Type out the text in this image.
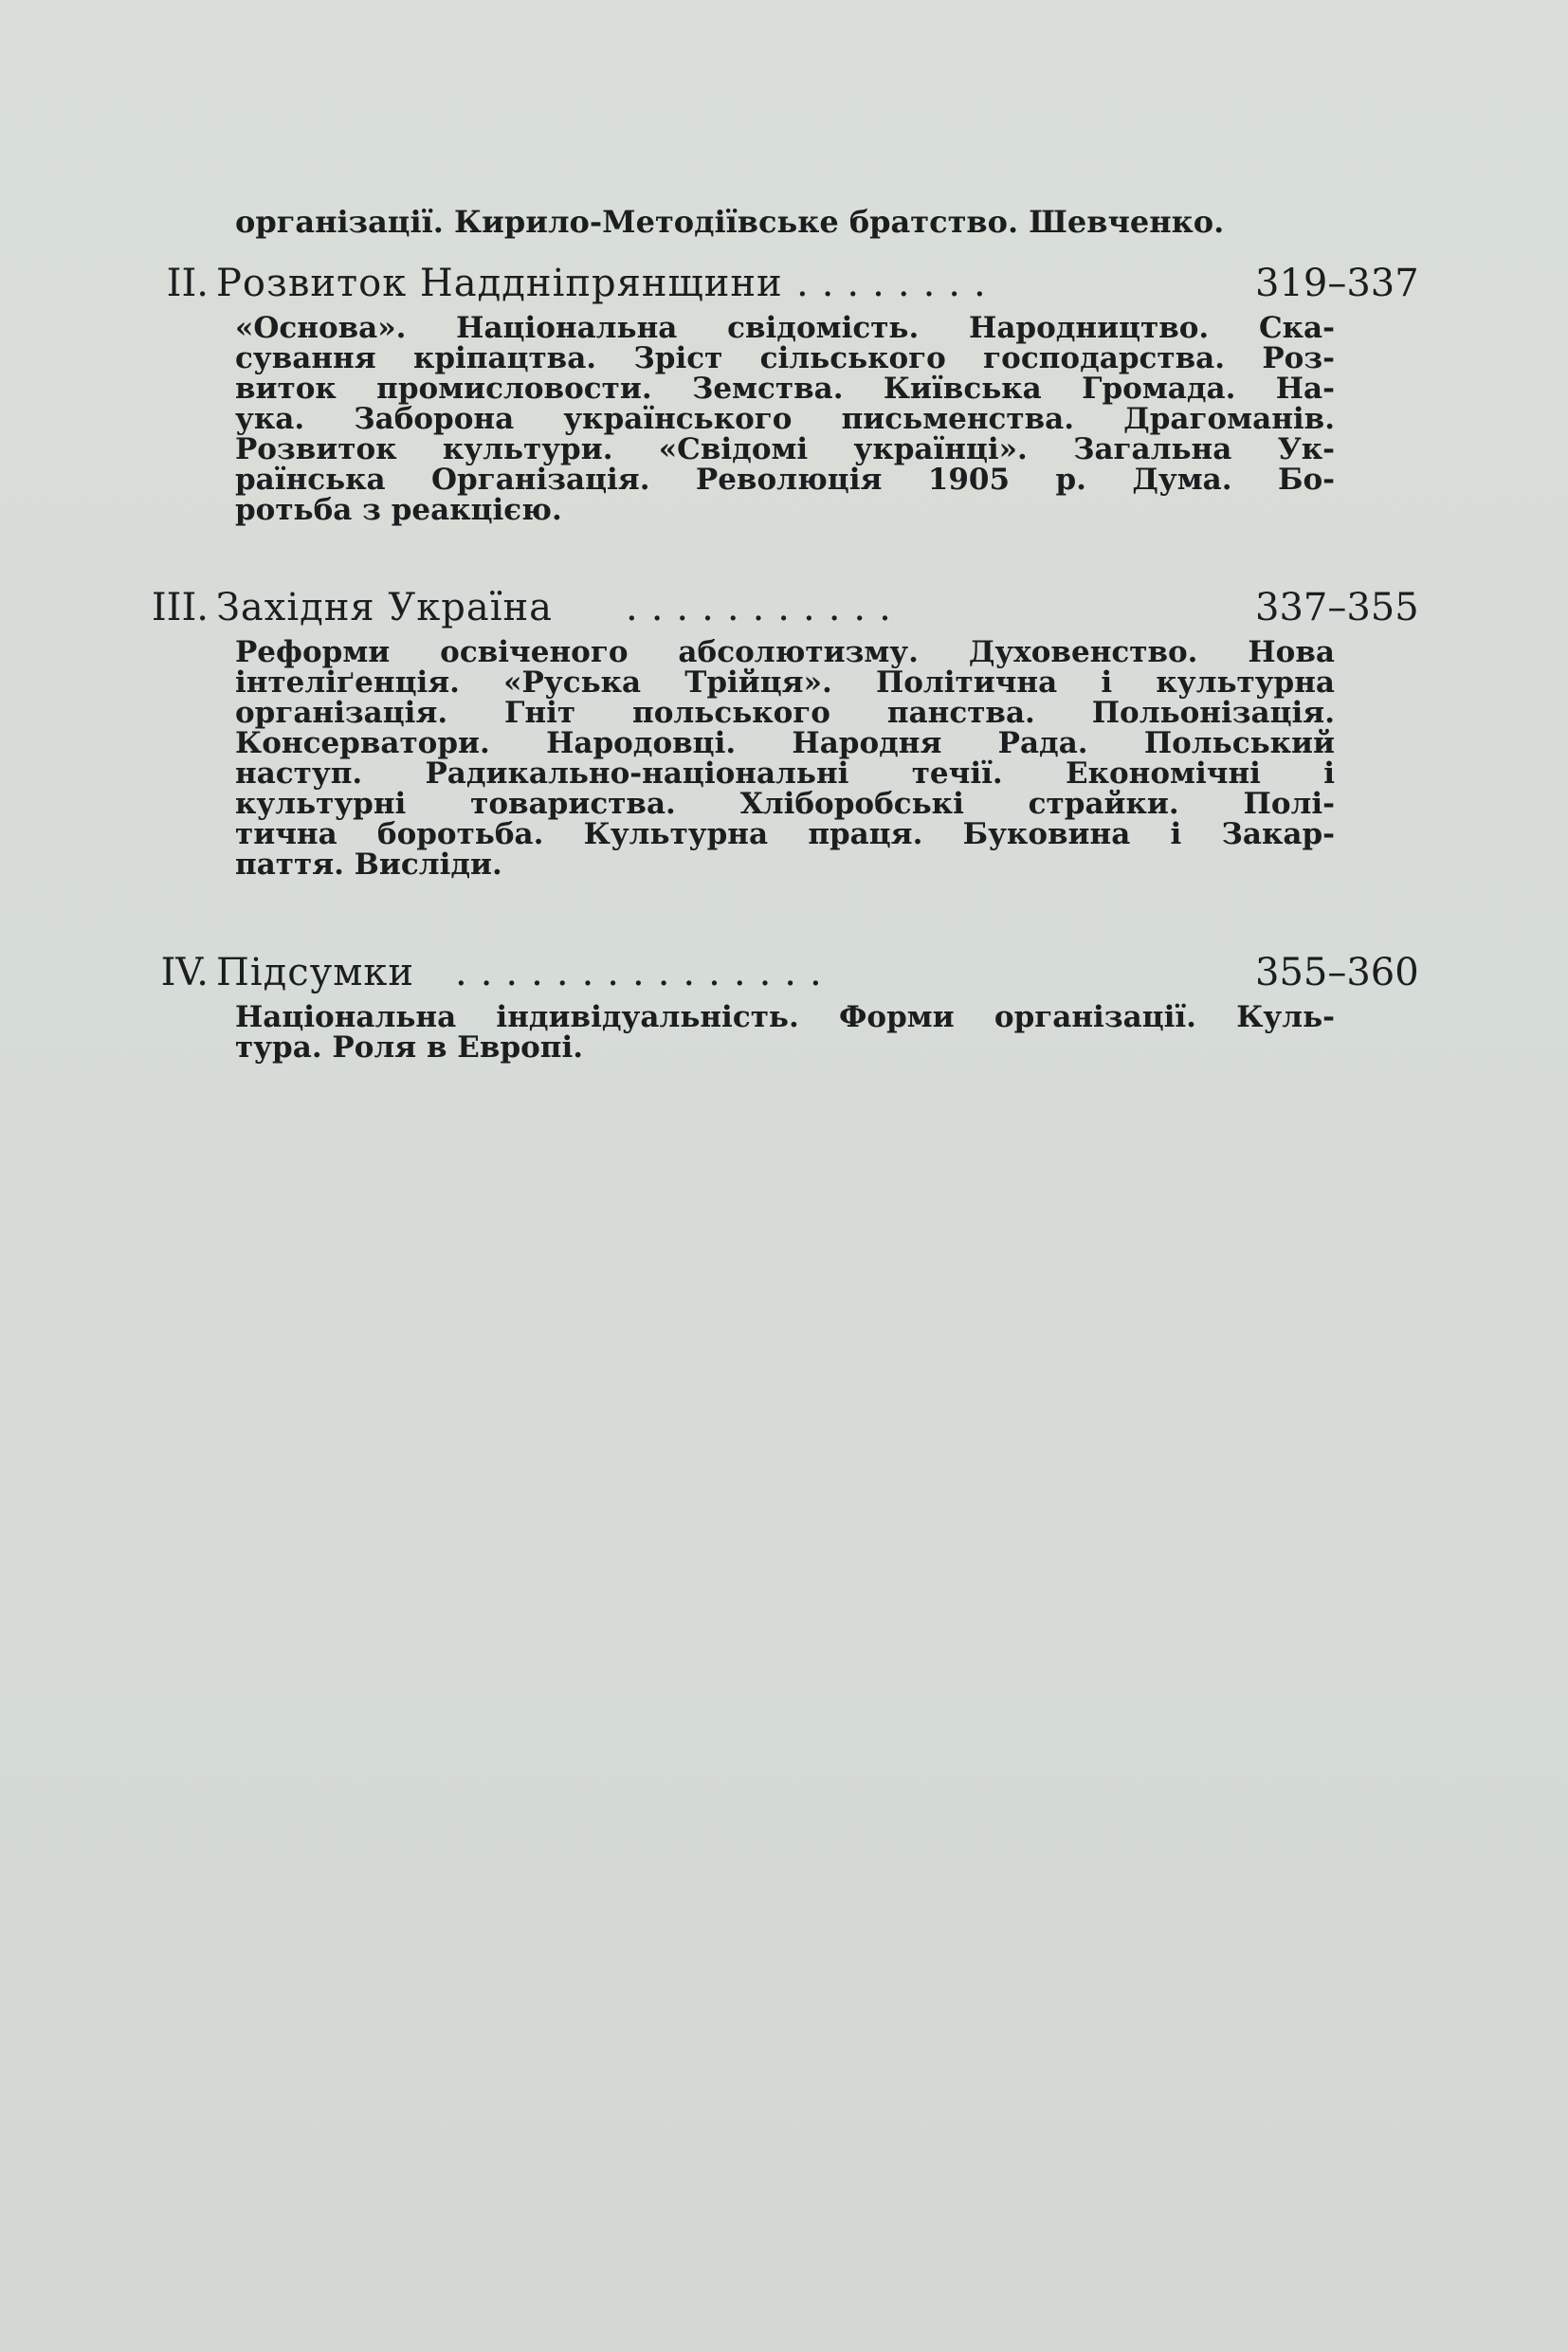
організації. Кирило‐Методіївське братство. Шевченко.
II. Розвиток Наддніпрянщини ........	319–337
«Основа». Національна свідомість. Народництво. Ска‐
сування кріпацтва. Зріст сільського господарства. Роз‐
виток промисловости. Земства. Київська Громада. На‐
ука. Заборона українського письменства. Драгоманів.
Розвиток культури. «Свідомі українці». Загальна Ук‐
раїнська Організація. Революція 1905 р. Дума. Бо‐
ротьба з реакцією.
III. Західня Україна ...........	337–355
Реформи освіченого абсолютизму. Духовенство. Нова
інтеліґенція. «Руська Трійця». Політична і культурна
організація. Гніт польського панства. Польонізація.
Консерватори. Народовці. Народня Рада. Польський
наступ. Радикально‐національні течії. Економічні і
культурні товариства. Хліборобські страйки. Полі‐
тична боротьба. Культурна праця. Буковина і Закар‐
паття. Висліди.
IV. Підсумки ...............	355–360
Національна індивідуальність. Форми організації. Куль‐
тура. Роля в Европі.
